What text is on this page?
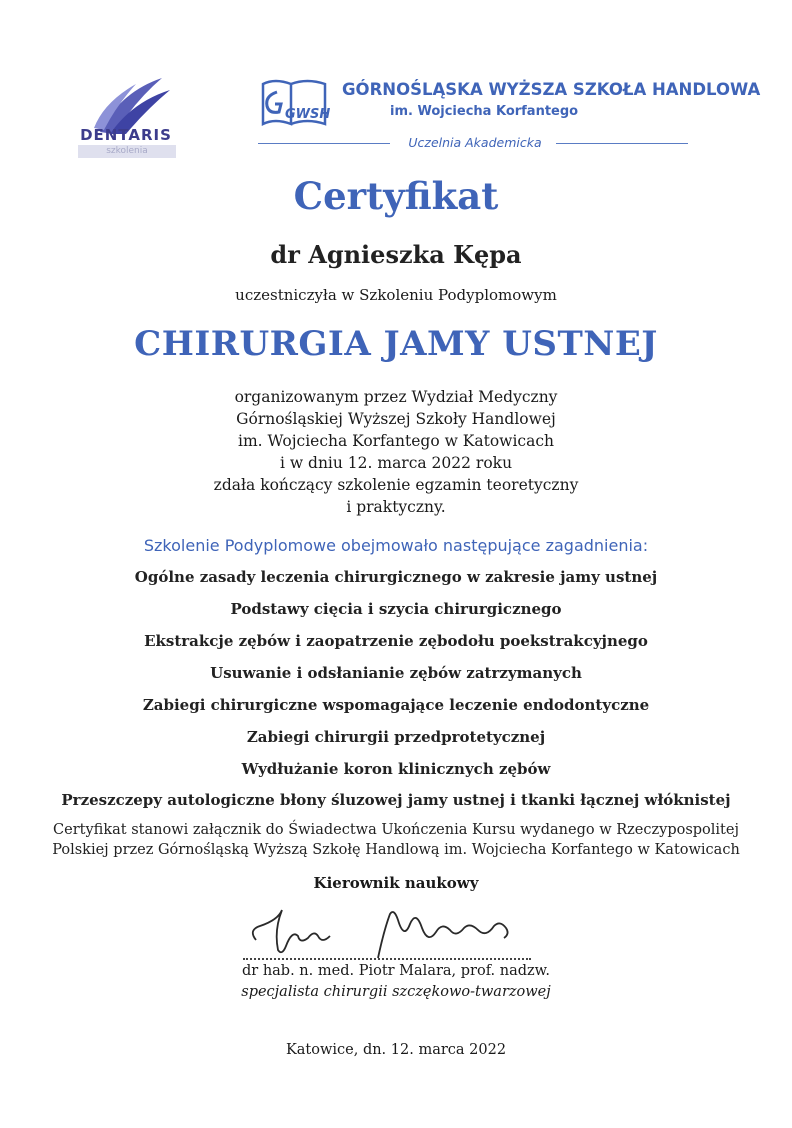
DENTARIS
szkolenia
GWSH
GÓRNOŚLĄSKA WYŻSZA SZKOŁA HANDLOWA
im. Wojciecha Korfantego
Uczelnia Akademicka
Certyfikat
dr Agnieszka Kępa
uczestniczyła w Szkoleniu Podyplomowym
CHIRURGIA JAMY USTNEJ
organizowanym przez Wydział Medyczny
Górnośląskiej Wyższej Szkoły Handlowej
im. Wojciecha Korfantego w Katowicach
i w dniu 12. marca 2022 roku
zdała kończący szkolenie egzamin teoretyczny
i praktyczny.
Szkolenie Podyplomowe obejmowało następujące zagadnienia:
Ogólne zasady leczenia chirurgicznego w zakresie jamy ustnej
Podstawy cięcia i szycia chirurgicznego
Ekstrakcje zębów i zaopatrzenie zębodołu poekstrakcyjnego
Usuwanie i odsłanianie zębów zatrzymanych
Zabiegi chirurgiczne wspomagające leczenie endodontyczne
Zabiegi chirurgii przedprotetycznej
Wydłużanie koron klinicznych zębów
Przeszczepy autologiczne błony śluzowej jamy ustnej i tkanki łącznej włóknistej
Certyfikat stanowi załącznik do Świadectwa Ukończenia Kursu wydanego w Rzeczypospolitej
Polskiej przez Górnośląską Wyższą Szkołę Handlową im. Wojciecha Korfantego w Katowicach
Kierownik naukowy
dr hab. n. med. Piotr Malara, prof. nadzw.
specjalista chirurgii szczękowo-twarzowej
Katowice, dn. 12. marca 2022
